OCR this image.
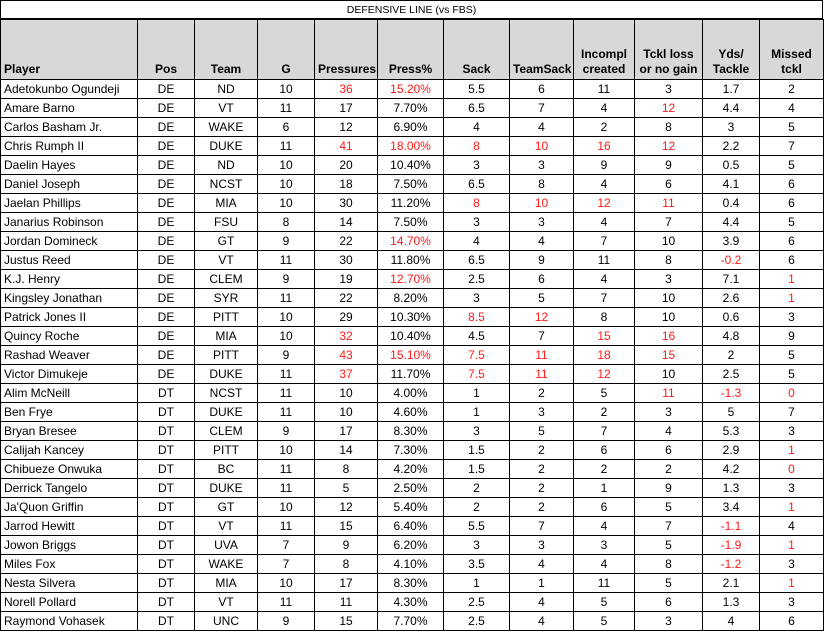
DEFENSIVE LINE (vs FBS)
Player	Pos	Team	G	Pressures	Press%	Sack	TeamSack	Incompl created	Tckl loss or no gain	Yds/ Tackle	Missed tckl
Adetokunbo Ogundeji	DE	ND	10	36	15.20%	5.5	6	11	3	1.7	2
Amare Barno	DE	VT	11	17	7.70%	6.5	7	4	12	4.4	4
Carlos Basham Jr.	DE	WAKE	6	12	6.90%	4	4	2	8	3	5
Chris Rumph II	DE	DUKE	11	41	18.00%	8	10	16	12	2.2	7
Daelin Hayes	DE	ND	10	20	10.40%	3	3	9	9	0.5	5
Daniel Joseph	DE	NCST	10	18	7.50%	6.5	8	4	6	4.1	6
Jaelan Phillips	DE	MIA	10	30	11.20%	8	10	12	11	0.4	6
Janarius Robinson	DE	FSU	8	14	7.50%	3	3	4	7	4.4	5
Jordan Domineck	DE	GT	9	22	14.70%	4	4	7	10	3.9	6
Justus Reed	DE	VT	11	30	11.80%	6.5	9	11	8	-0.2	6
K.J. Henry	DE	CLEM	9	19	12.70%	2.5	6	4	3	7.1	1
Kingsley Jonathan	DE	SYR	11	22	8.20%	3	5	7	10	2.6	1
Patrick Jones II	DE	PITT	10	29	10.30%	8.5	12	8	10	0.6	3
Quincy Roche	DE	MIA	10	32	10.40%	4.5	7	15	16	4.8	9
Rashad Weaver	DE	PITT	9	43	15.10%	7.5	11	18	15	2	5
Victor Dimukeje	DE	DUKE	11	37	11.70%	7.5	11	12	10	2.5	5
Alim McNeill	DT	NCST	11	10	4.00%	1	2	5	11	-1.3	0
Ben Frye	DT	DUKE	11	10	4.60%	1	3	2	3	5	7
Bryan Bresee	DT	CLEM	9	17	8.30%	3	5	7	4	5.3	3
Calijah Kancey	DT	PITT	10	14	7.30%	1.5	2	6	6	2.9	1
Chibueze Onwuka	DT	BC	11	8	4.20%	1.5	2	2	2	4.2	0
Derrick Tangelo	DT	DUKE	11	5	2.50%	2	2	1	9	1.3	3
Ja'Quon Griffin	DT	GT	10	12	5.40%	2	2	6	5	3.4	1
Jarrod Hewitt	DT	VT	11	15	6.40%	5.5	7	4	7	-1.1	4
Jowon Briggs	DT	UVA	7	9	6.20%	3	3	3	5	-1.9	1
Miles Fox	DT	WAKE	7	8	4.10%	3.5	4	4	8	-1.2	3
Nesta Silvera	DT	MIA	10	17	8.30%	1	1	11	5	2.1	1
Norell Pollard	DT	VT	11	11	4.30%	2.5	4	5	6	1.3	3
Raymond Vohasek	DT	UNC	9	15	7.70%	2.5	4	5	3	4	6
